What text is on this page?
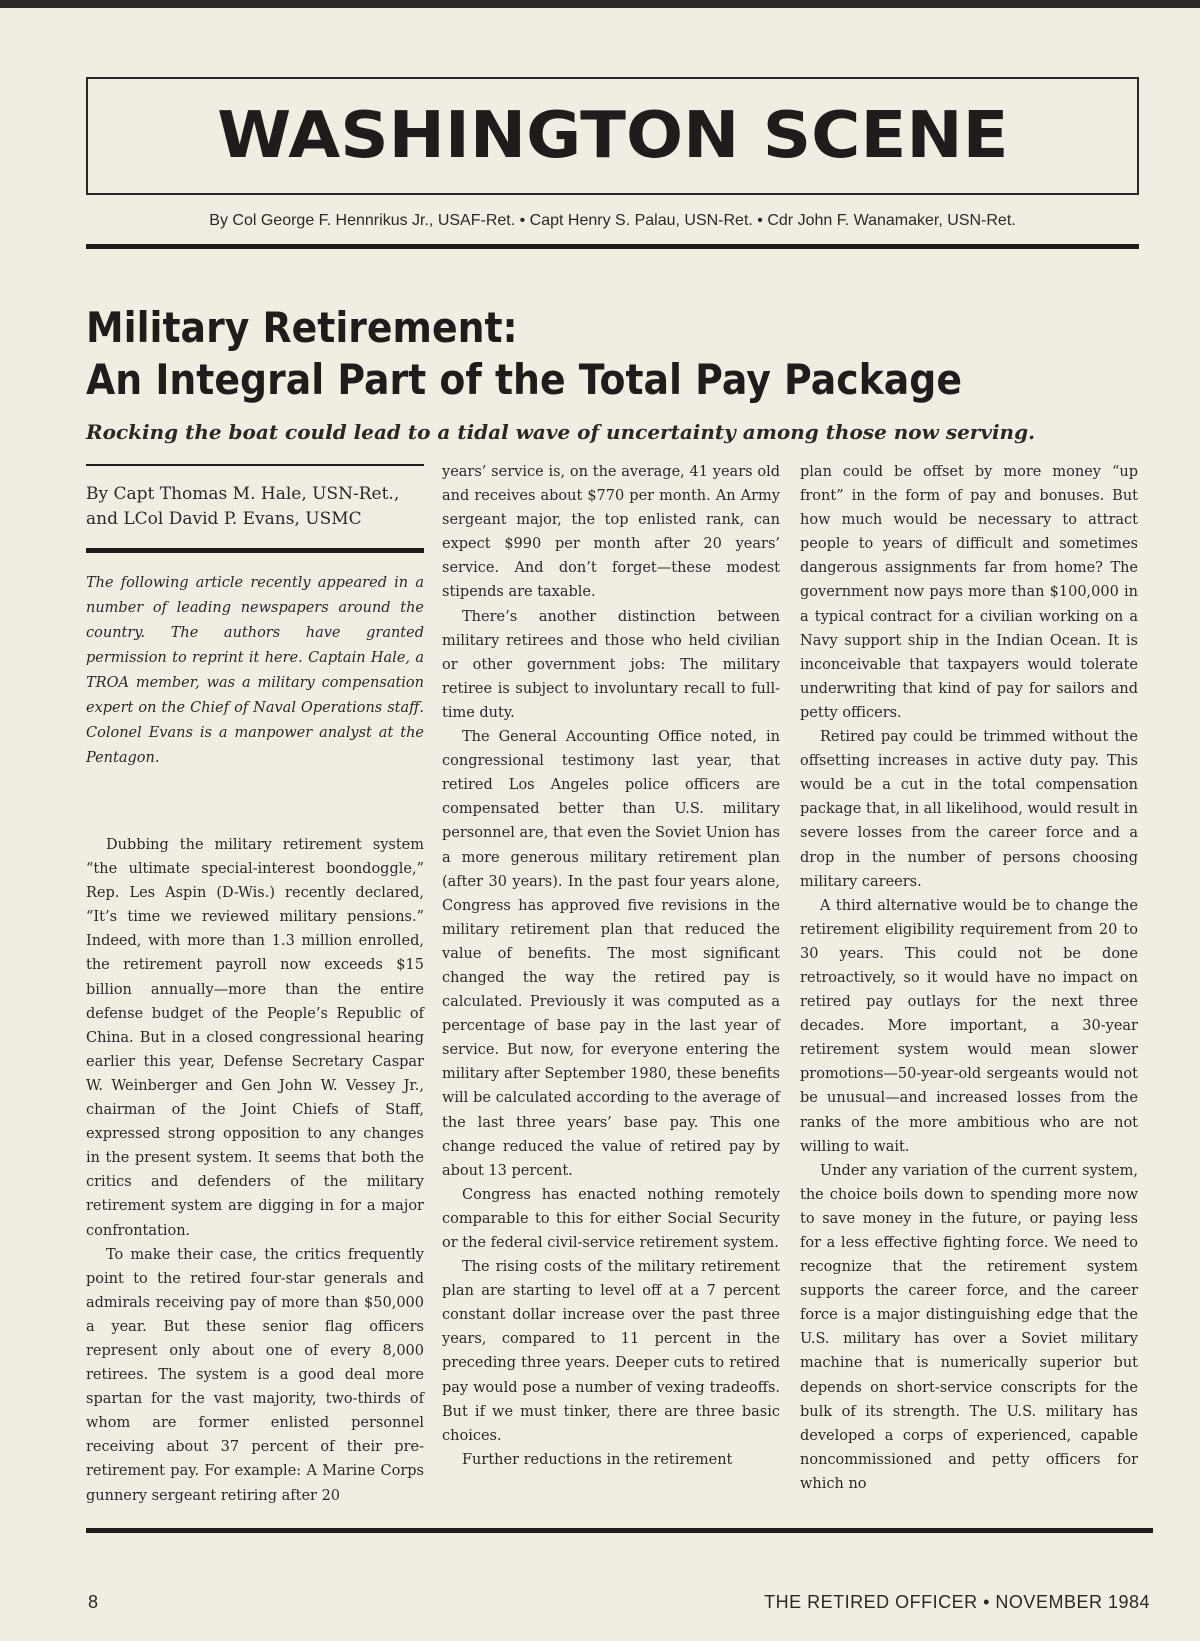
WASHINGTON SCENE
By Col George F. Hennrikus Jr., USAF-Ret. • Capt Henry S. Palau, USN-Ret. • Cdr John F. Wanamaker, USN-Ret.
Military Retirement:
An Integral Part of the Total Pay Package
Rocking the boat could lead to a tidal wave of uncertainty among those now serving.
By Capt Thomas M. Hale, USN-Ret., and LCol David P. Evans, USMC
The following article recently appeared in a number of leading newspapers around the country. The authors have granted permission to reprint it here. Captain Hale, a TROA member, was a military compensation expert on the Chief of Naval Operations staff. Colonel Evans is a manpower analyst at the Pentagon.

Dubbing the military retirement system “the ultimate special-interest boondoggle,” Rep. Les Aspin (D-Wis.) recently declared, “It’s time we reviewed military pensions.” Indeed, with more than 1.3 million enrolled, the retirement payroll now exceeds $15 billion annually—more than the entire defense budget of the People’s Republic of China. But in a closed congressional hearing earlier this year, Defense Secretary Caspar W. Weinberger and Gen John W. Vessey Jr., chairman of the Joint Chiefs of Staff, expressed strong opposition to any changes in the present system. It seems that both the critics and defenders of the military retirement system are digging in for a major confrontation.

To make their case, the critics frequently point to the retired four-star generals and admirals receiving pay of more than $50,000 a year. But these senior flag officers represent only about one of every 8,000 retirees. The system is a good deal more spartan for the vast majority, two-thirds of whom are former enlisted personnel receiving about 37 percent of their pre-retirement pay. For example: A Marine Corps gunnery sergeant retiring after 20

years’ service is, on the average, 41 years old and receives about $770 per month. An Army sergeant major, the top enlisted rank, can expect $990 per month after 20 years’ service. And don’t forget—these modest stipends are taxable.

There’s another distinction between military retirees and those who held civilian or other government jobs: The military retiree is subject to involuntary recall to full-time duty.

The General Accounting Office noted, in congressional testimony last year, that retired Los Angeles police officers are compensated better than U.S. military personnel are, that even the Soviet Union has a more generous military retirement plan (after 30 years). In the past four years alone, Congress has approved five revisions in the military retirement plan that reduced the value of benefits. The most significant changed the way the retired pay is calculated. Previously it was computed as a percentage of base pay in the last year of service. But now, for everyone entering the military after September 1980, these benefits will be calculated according to the average of the last three years’ base pay. This one change reduced the value of retired pay by about 13 percent.

Congress has enacted nothing remotely comparable to this for either Social Security or the federal civil-service retirement system.

The rising costs of the military retirement plan are starting to level off at a 7 percent constant dollar increase over the past three years, compared to 11 percent in the preceding three years. Deeper cuts to retired pay would pose a number of vexing tradeoffs. But if we must tinker, there are three basic choices.

Further reductions in the retirement

plan could be offset by more money “up front” in the form of pay and bonuses. But how much would be necessary to attract people to years of difficult and sometimes dangerous assignments far from home? The government now pays more than $100,000 in a typical contract for a civilian working on a Navy support ship in the Indian Ocean. It is inconceivable that taxpayers would tolerate underwriting that kind of pay for sailors and petty officers.

Retired pay could be trimmed without the offsetting increases in active duty pay. This would be a cut in the total compensation package that, in all likelihood, would result in severe losses from the career force and a drop in the number of persons choosing military careers.

A third alternative would be to change the retirement eligibility requirement from 20 to 30 years. This could not be done retroactively, so it would have no impact on retired pay outlays for the next three decades. More important, a 30-year retirement system would mean slower promotions—50-year-old sergeants would not be unusual—and increased losses from the ranks of the more ambitious who are not willing to wait.

Under any variation of the current system, the choice boils down to spending more now to save money in the future, or paying less for a less effective fighting force. We need to recognize that the retirement system supports the career force, and the career force is a major distinguishing edge that the U.S. military has over a Soviet military machine that is numerically superior but depends on short-service conscripts for the bulk of its strength. The U.S. military has developed a corps of experienced, capable noncommissioned and petty officers for which no

8	THE RETIRED OFFICER • NOVEMBER 1984
